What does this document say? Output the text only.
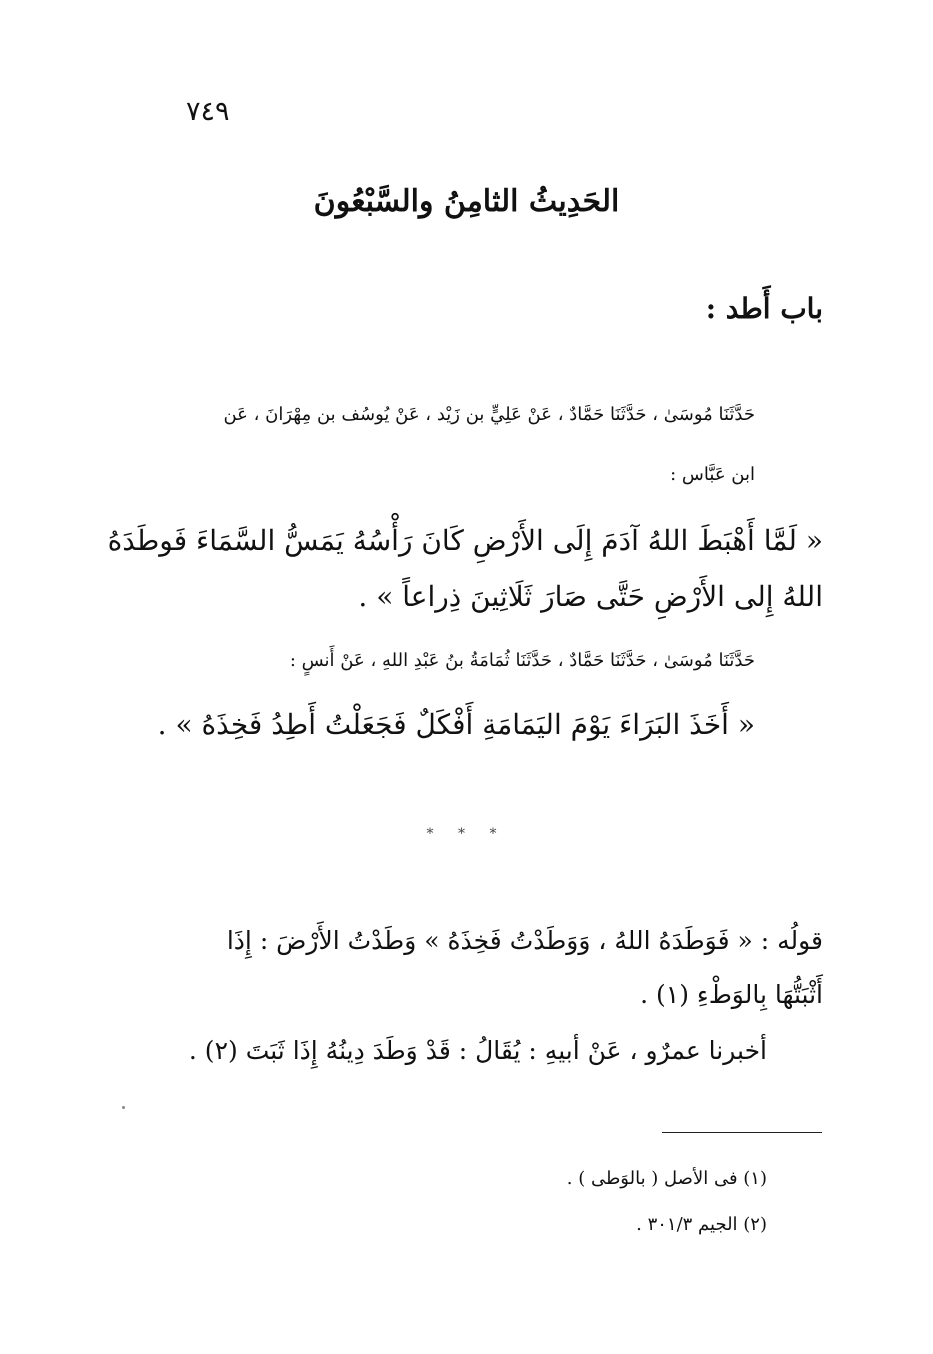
٧٤٩
الحَدِيثُ الثامِنُ والسَّبْعُونَ
باب أَطد :
حَدَّثَنَا مُوسَىٰ ، حَدَّثَنَا حَمَّادٌ ، عَنْ عَلِيٍّ بن زَيْد ، عَنْ يُوسُف بن مِهْرَانَ ، عَن
ابن عَبَّاس :
« لَمَّا أَهْبَطَ اللهُ آدَمَ إِلَى الأَرْضِ كَانَ رَأْسُهُ يَمَسُّ السَّمَاءَ فَوطَدَهُ
اللهُ إِلى الأَرْضِ حَتَّى صَارَ ثَلَاثِينَ ذِراعاً » .
حَدَّثَنَا مُوسَىٰ ، حَدَّثَنَا حَمَّادٌ ، حَدَّثَنَا ثُمَامَةُ بنُ عَبْدِ اللهِ ، عَنْ أَنسٍ :
« أَخَذَ البَرَاءَ يَوْمَ اليَمَامَةِ أَفْكَلٌ فَجَعَلْتُ أَطِدُ فَخِذَهُ » .
* * *
قولُه : « فَوَطَدَهُ اللهُ ، وَوَطَدْتُ فَخِذَهُ » وَطَدْتُ الأَرْضَ : إِذَا
أَثْبَتُّهَا بِالوَطْءِ (١) .
أخبرنا عمرٌو ، عَنْ أبيهِ : يُقَالُ : قَدْ وَطَدَ دِينُهُ إِذَا ثَبَتَ (٢) .
(١) فى الأصل ( بالوَطى ) .
(٢) الجيم ٣٠١/٣ .
